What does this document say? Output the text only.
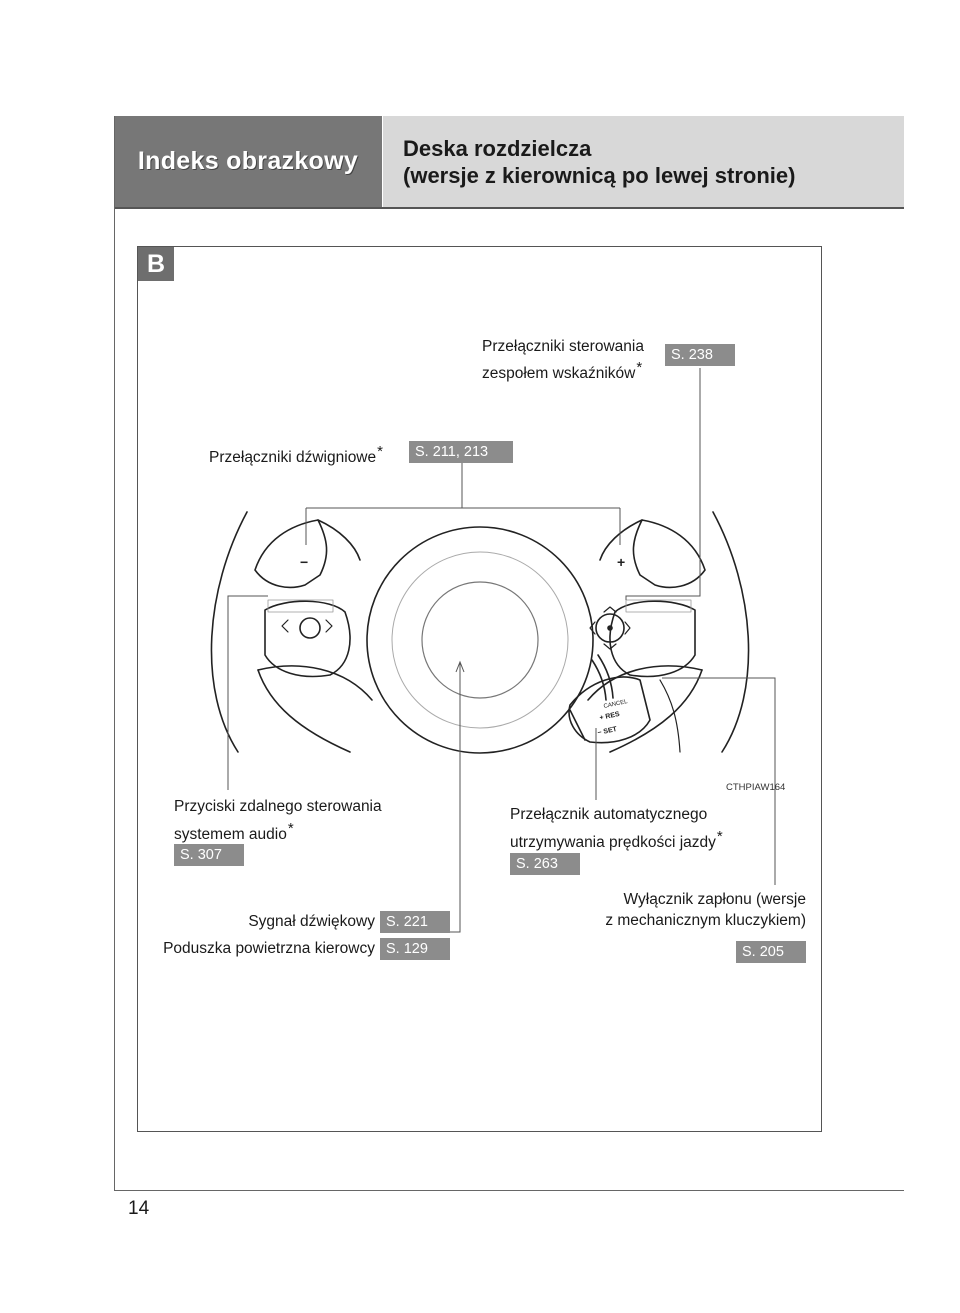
Indeks obrazkowy Deska rozdzielcza
(wersje z kierownicą po lewej stronie)
14
B
−	+
CANCEL
+ RES
− SET
CTHPIAW164
Przełączniki sterowania
zespołem wskaźników*
S. 238
Przełączniki dźwigniowe*	S. 211, 213
Przyciski zdalnego sterowania
systemem audio*
S. 307
Przełącznik automatycznego
utrzymywania prędkości jazdy*
S. 263
Sygnał dźwiękowy S. 221
Poduszka powietrzna kierowcy S. 129
Wyłącznik zapłonu (wersje
z mechanicznym kluczykiem)
S. 205
